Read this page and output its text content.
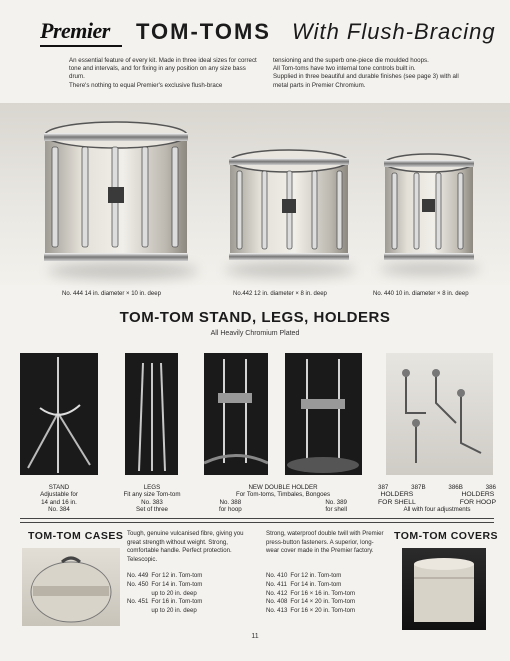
Premier TOM-TOMS With Flush-Bracing

An essential feature of every kit. Made in three ideal sizes for correct tone and intervals, and for fixing in any position on any size bass drum.

There's nothing to equal Premier's exclusive flush-brace

tensioning and the superb one-piece die moulded hoops.

All Tom-toms have two internal tone controls built in.

Supplied in three beautiful and durable finishes (see page 3) with all metal parts in Premier Chromium.

No. 444 14 in. diameter × 10 in. deep	No.442 12 in. diameter × 8 in. deep	No. 440 10 in. diameter × 8 in. deep
TOM-TOM STAND, LEGS, HOLDERS
All Heavily Chromium Plated
STAND
Adjustable for
14 and 16 in.
No. 384
LEGS
Fit any size Tom-tom
No. 383
Set of three
NEW DOUBLE HOLDER
For Tom-toms, Timbales, Bongoes
No. 388
for hoop
No. 389
for shell
387	387B	386B	386
HOLDERS
FOR SHELL
HOLDERS
FOR HOOP
All with four adjustments
TOM-TOM CASES Tough, genuine vulcanised fibre, giving you great strength without weight. Strong, comfortable handle. Perfect protection. Telescopic.
No. 449	For 12 in. Tom-tom
No. 450	For 14 in. Tom-tom
	up to 20 in. deep
No. 451	For 16 in. Tom-tom
	up to 20 in. deep
Strong, waterproof double twill with Premier press-button fasteners. A superior, long-wear cover made in the Premier factory.
No. 410	For 12 in. Tom-tom
No. 411	For 14 in. Tom-tom
No. 412	For 16 × 16 in. Tom-tom
No. 408	For 14 × 20 in. Tom-tom
No. 413	For 16 × 20 in. Tom-tom
TOM-TOM COVERS
11
